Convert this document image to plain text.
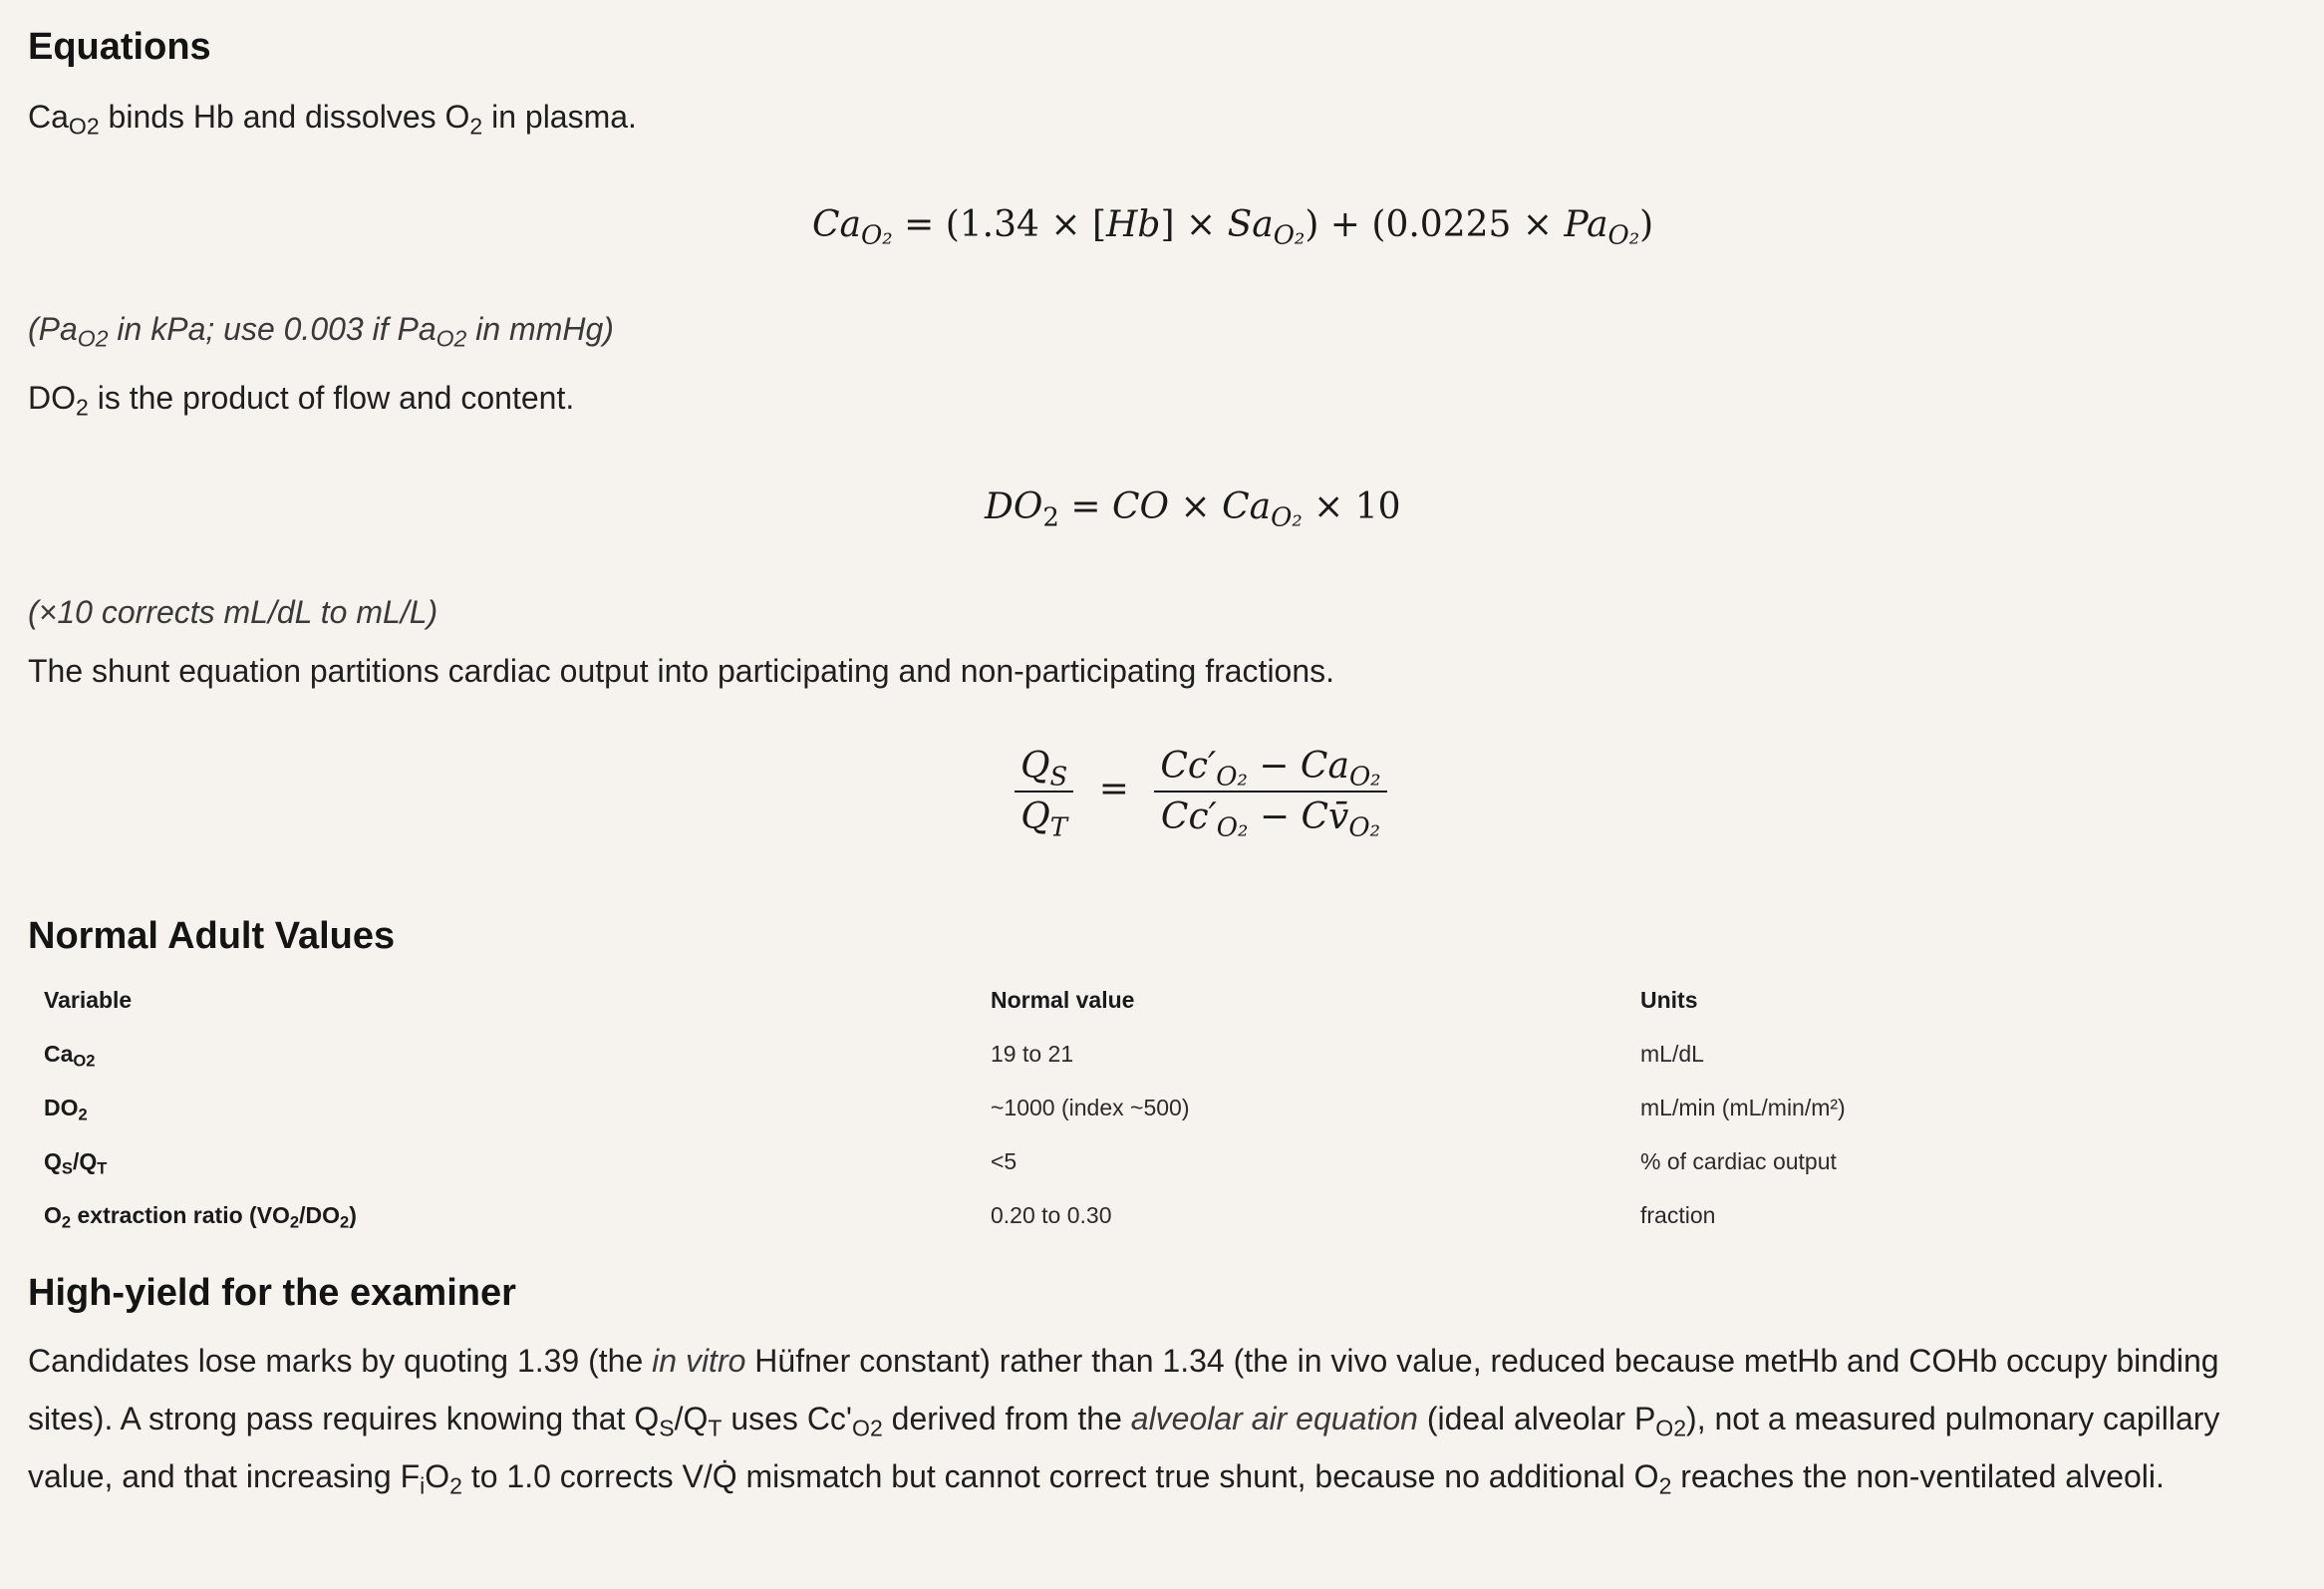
Equations
$Ca_{O2}$ binds Hb and dissolves $O_2$ in plasma.
$Ca_{O_2} = (1.34 \times [Hb] \times Sa_{O_2}) + (0.0225 \times Pa_{O_2})$
($Pa_{O2}$ in kPa; use 0.003 if $Pa_{O2}$ in mmHg)
$DO_2$ is the product of flow and content.
$DO_2$ = CO × $Ca_{O_2} \times 10$
(×10 corrects mL/dL to mL/L)
The shunt equation partitions cardiac output into participating and non-participating fractions.
$\frac{Q_S}{Q_T} = \frac{Cc'_{O_2} - Ca_{O_2}}{Cc'_{O_2} - Cv̄_{O_2}}$
Normal Adult Values
Variable	Normal value	Units
$Ca_{O2}$	19 to 21	mL/dL
$DO_2$	~1000 (index ~500)	mL/min (mL/min/m²)
$Q_S/Q_T$	<5	% of cardiac output
$O_2$ extraction ratio $(VO_2/DO_2)$	0.20 to 0.30	fraction
High-yield for the examiner
Candidates lose marks by quoting 1.39 (the in vitro Hüfner constant) rather than 1.34 (the in vivo value, reduced because metHb and COHb occupy binding sites). A strong pass requires knowing that $Q_S/Q_T$ uses $Cc'_{O2}$ derived from the alveolar air equation (ideal alveolar $P_{O2}$), not a measured pulmonary capillary value, and that increasing $F_iO_2$ to 1.0 corrects V/Q̇ mismatch but cannot correct true shunt, because no additional $O_2$ reaches the non-ventilated alveoli.
